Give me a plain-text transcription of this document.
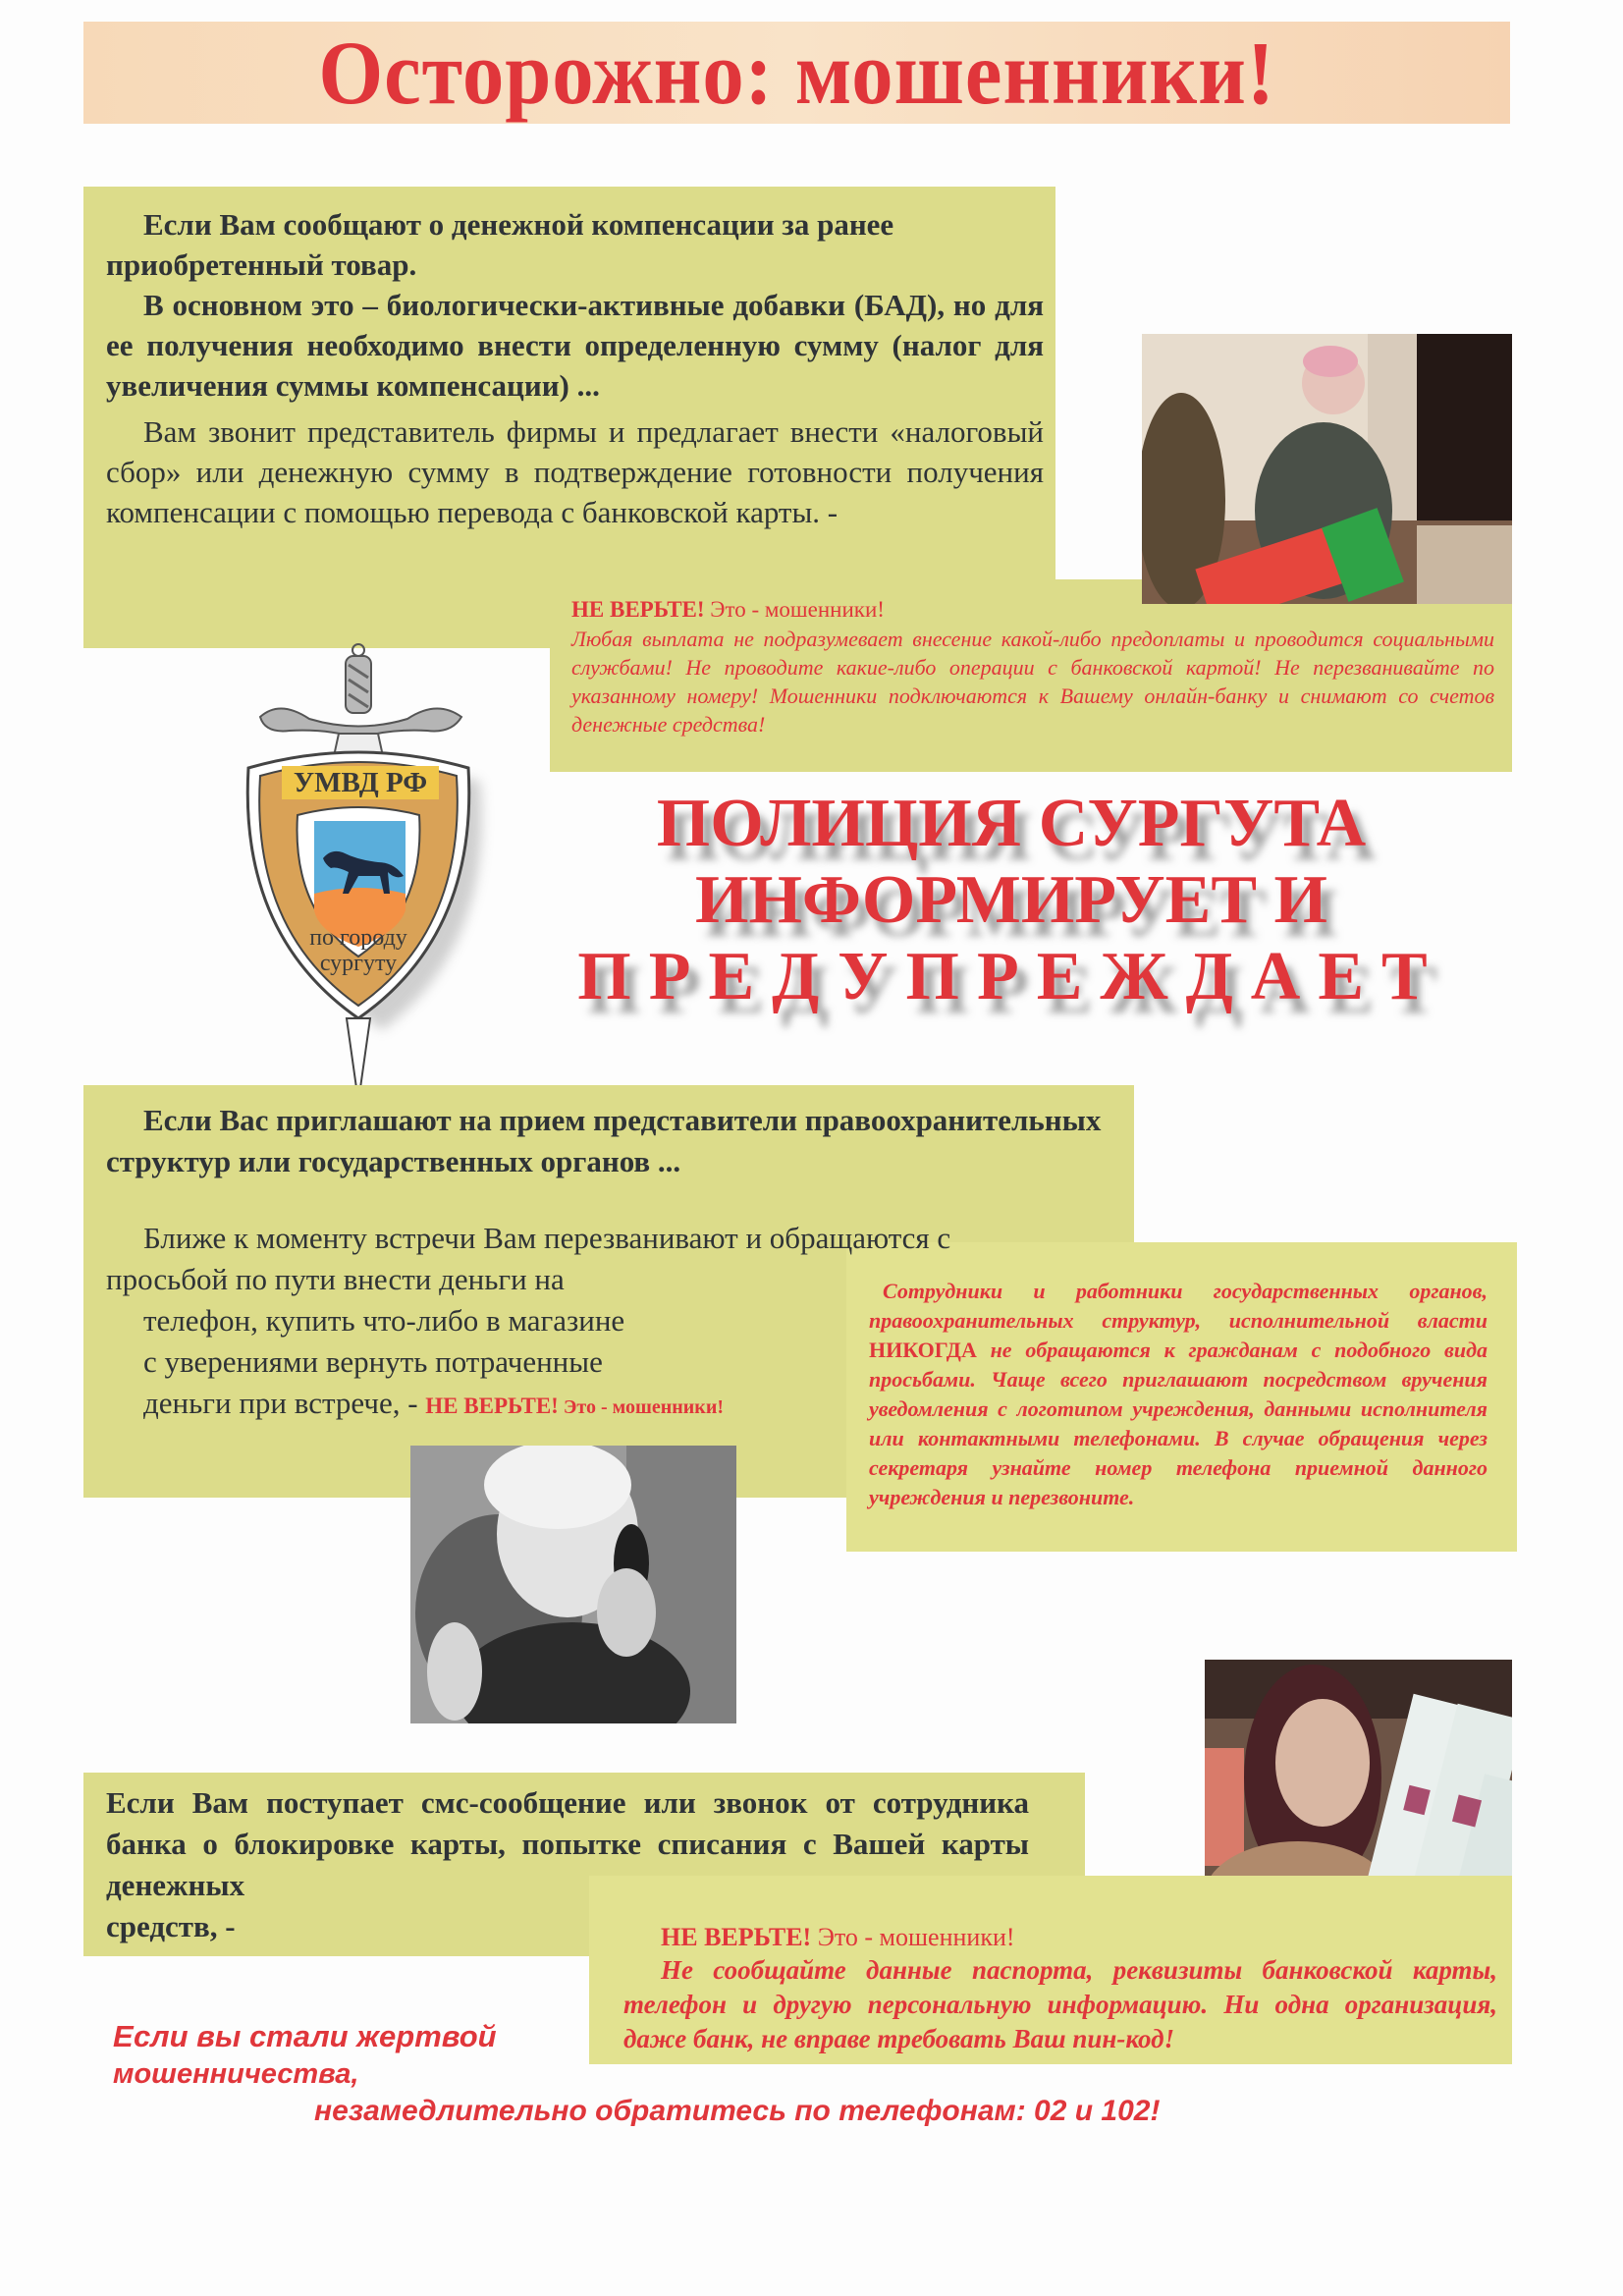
Осторожно: мошенники!

Если Вам сообщают о денежной компенсации за ранее приобретенный товар.

В основном это – биологически-активные добавки (БАД), но для ее получения необходимо внести определенную сумму (налог для увеличения суммы компенсации) ...

Вам звонит представитель фирмы и предлагает внести «налоговый сбор» или денежную сумму в подтверждение готовности получения компенсации с помощью перевода с банковской карты. -

НЕ ВЕРЬТЕ! Это - мошенники!

Любая выплата не подразумевает внесение какой-либо предоплаты и проводится социальными службами! Не проводите какие-либо операции с банковской картой! Не перезванивайте по указанному номеру! Мошенники подключаются к Вашему онлайн-банку и снимают со счетов денежные средства!

УМВД РФ
по городу
сургуту
ПОЛИЦИЯ СУРГУТА
ИНФОРМИРУЕТ И
ПРЕДУПРЕЖДАЕТ

Если Вас приглашают на прием представители правоохранительных структур или государственных органов ...

Ближе к моменту встречи Вам перезванивают и обращаются с

просьбой по пути внести деньги на

телефон, купить что-либо в магазине

с уверениями вернуть потраченные

деньги при встрече, - НЕ ВЕРЬТЕ! Это - мошенники!

Сотрудники и работники государственных органов, правоохранительных структур, исполнительной власти НИКОГДА не обращаются к гражданам с подобного вида просьбами. Чаще всего приглашают посредством вручения уведомления с логотипом учреждения, данными исполнителя или контактными телефонами. В случае обращения через секретаря узнайте номер телефона приемной данного учреждения и перезвоните.

Если Вам поступает смс-сообщение или звонок от сотрудника банка о блокировке карты, попытке списания с Вашей карты денежных

средств, -	НЕ ВЕРЬТЕ! Это - мошенники!

Не сообщайте данные паспорта, реквизиты банковской карты, телефон и другую персональную информацию. Ни одна организация, даже банк, не вправе требовать Ваш пин-код!

Если вы стали жертвой
мошенничества,
незамедлительно обратитесь по телефонам: 02 и 102!
